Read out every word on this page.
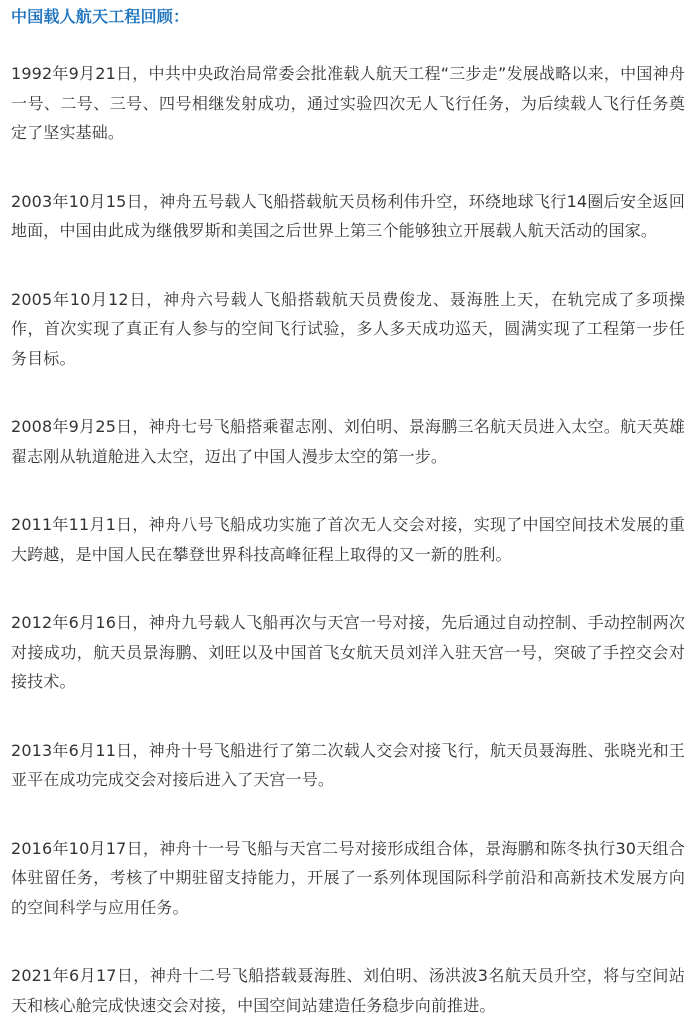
中国载人航天工程回顾：

1992年9月21日，中共中央政治局常委会批准载人航天工程“三步走”发展战略以来，中国神舟一号、二号、三号、四号相继发射成功，通过实验四次无人飞行任务，为后续载人飞行任务奠定了坚实基础。

2003年10月15日，神舟五号载人飞船搭载航天员杨利伟升空，环绕地球飞行14圈后安全返回地面，中国由此成为继俄罗斯和美国之后世界上第三个能够独立开展载人航天活动的国家。

2005年10月12日，神舟六号载人飞船搭载航天员费俊龙、聂海胜上天，在轨完成了多项操作，首次实现了真正有人参与的空间飞行试验，多人多天成功巡天，圆满实现了工程第一步任务目标。

2008年9月25日，神舟七号飞船搭乘翟志刚、刘伯明、景海鹏三名航天员进入太空。航天英雄翟志刚从轨道舱进入太空，迈出了中国人漫步太空的第一步。

2011年11月1日，神舟八号飞船成功实施了首次无人交会对接，实现了中国空间技术发展的重大跨越，是中国人民在攀登世界科技高峰征程上取得的又一新的胜利。

2012年6月16日，神舟九号载人飞船再次与天宫一号对接，先后通过自动控制、手动控制两次对接成功，航天员景海鹏、刘旺以及中国首飞女航天员刘洋入驻天宫一号，突破了手控交会对接技术。

2013年6月11日，神舟十号飞船进行了第二次载人交会对接飞行，航天员聂海胜、张晓光和王亚平在成功完成交会对接后进入了天宫一号。

2016年10月17日，神舟十一号飞船与天宫二号对接形成组合体，景海鹏和陈冬执行30天组合体驻留任务，考核了中期驻留支持能力，开展了一系列体现国际科学前沿和高新技术发展方向的空间科学与应用任务。

2021年6月17日，神舟十二号飞船搭载聂海胜、刘伯明、汤洪波3名航天员升空，将与空间站天和核心舱完成快速交会对接，中国空间站建造任务稳步向前推进。
